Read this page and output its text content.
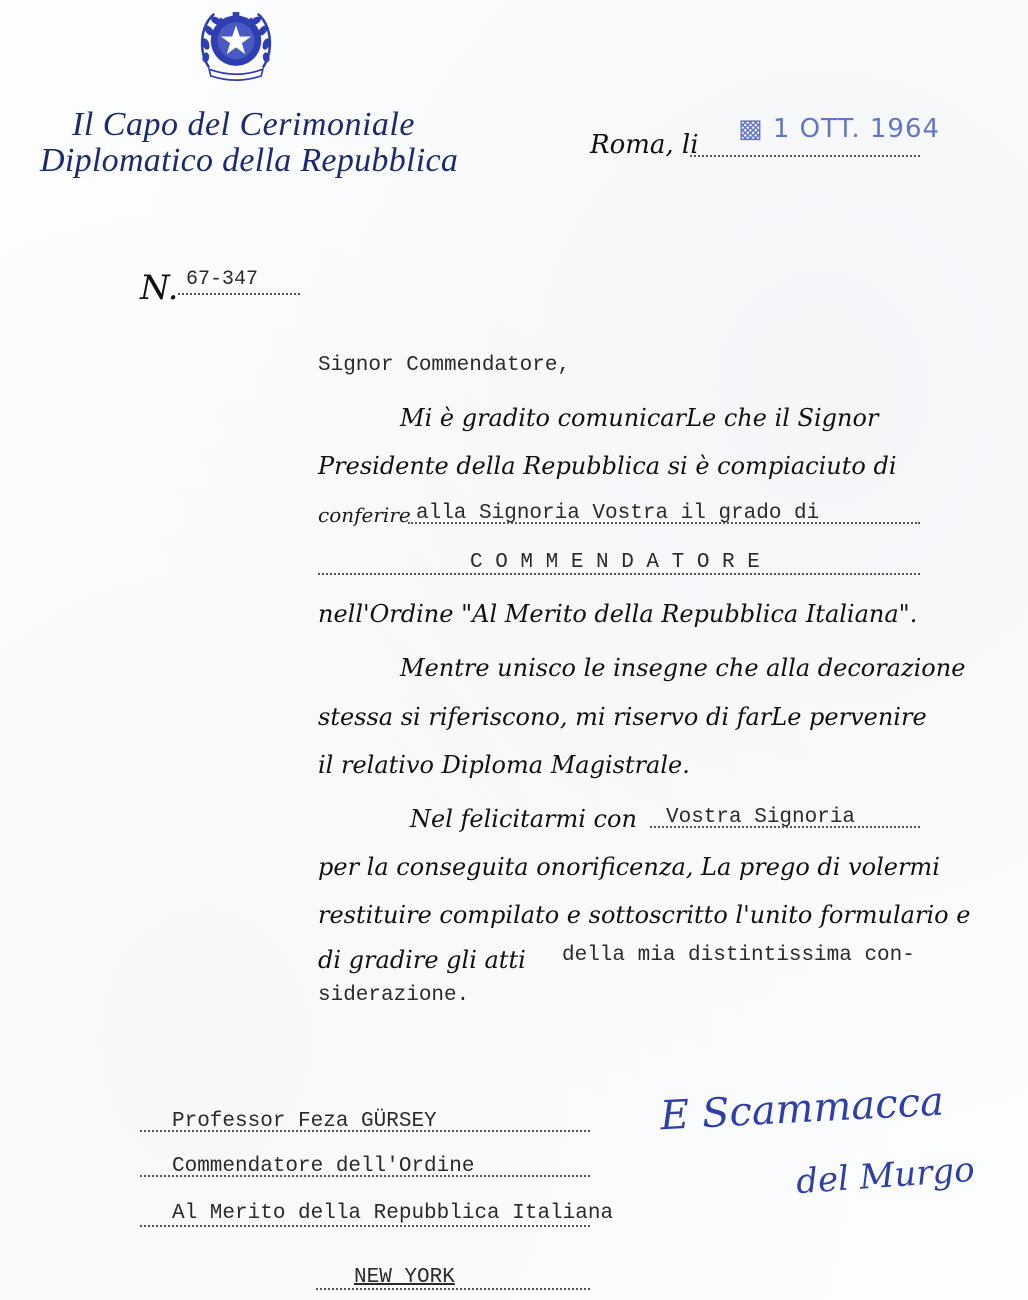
Il Capo del Cerimoniale
Diplomatico della Repubblica	Roma, li
▩ 1 OTT. 1964
N. 67-347
Signor Commendatore,
Mi è gradito comunicarLe che il Signor
Presidente della Repubblica si è compiaciuto di
conferire alla Signoria Vostra il grado di
C O M M E N D A T O R E
nell'Ordine "Al Merito della Repubblica Italiana".
Mentre unisco le insegne che alla decorazione
stessa si riferiscono, mi riservo di farLe pervenire
il relativo Diploma Magistrale.
Nel felicitarmi con Vostra Signoria
per la conseguita onorificenza, La prego di volermi
restituire compilato e sottoscritto l'unito formulario e
di gradire gli atti della mia distintissima con-
siderazione.
E Scammacca
del Murgo
Professor Feza GÜRSEY
Commendatore dell'Ordine
Al Merito della Repubblica Italiana
NEW YORK
